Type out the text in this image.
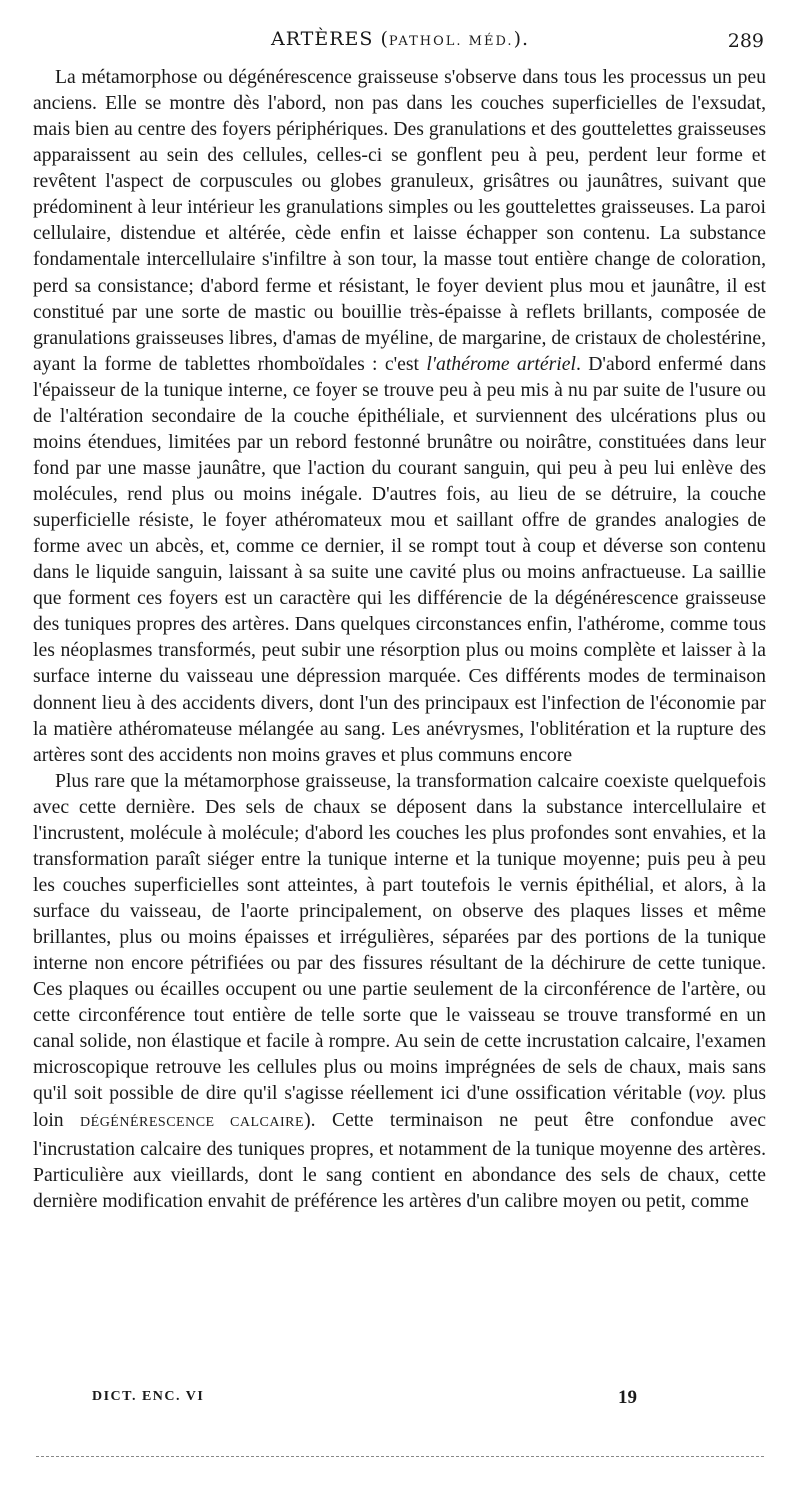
ARTÈRES (PATHOL. MÉD.).	289

La métamorphose ou dégénérescence graisseuse s'observe dans tous les processus un peu anciens. Elle se montre dès l'abord, non pas dans les couches superficielles de l'exsudat, mais bien au centre des foyers périphériques. Des granulations et des gouttelettes graisseuses apparaissent au sein des cellules, celles-ci se gonflent peu à peu, perdent leur forme et revêtent l'aspect de corpuscules ou globes granuleux, grisâtres ou jaunâtres, suivant que prédominent à leur intérieur les granulations simples ou les gouttelettes graisseuses. La paroi cellulaire, distendue et altérée, cède enfin et laisse échapper son contenu. La substance fondamentale intercellulaire s'infiltre à son tour, la masse tout entière change de coloration, perd sa consistance; d'abord ferme et résistant, le foyer devient plus mou et jaunâtre, il est constitué par une sorte de mastic ou bouillie très-épaisse à reflets brillants, composée de granulations graisseuses libres, d'amas de myéline, de margarine, de cristaux de cholestérine, ayant la forme de tablettes rhomboïdales : c'est l'athérome artériel. D'abord enfermé dans l'épaisseur de la tunique interne, ce foyer se trouve peu à peu mis à nu par suite de l'usure ou de l'altération secondaire de la couche épithéliale, et surviennent des ulcérations plus ou moins étendues, limitées par un rebord festonné brunâtre ou noirâtre, constituées dans leur fond par une masse jaunâtre, que l'action du courant sanguin, qui peu à peu lui enlève des molécules, rend plus ou moins inégale. D'autres fois, au lieu de se détruire, la couche superficielle résiste, le foyer athéromateux mou et saillant offre de grandes analogies de forme avec un abcès, et, comme ce dernier, il se rompt tout à coup et déverse son contenu dans le liquide sanguin, laissant à sa suite une cavité plus ou moins anfractueuse. La saillie que forment ces foyers est un caractère qui les différencie de la dégénérescence graisseuse des tuniques propres des artères. Dans quelques circonstances enfin, l'athérome, comme tous les néoplasmes transformés, peut subir une résorption plus ou moins complète et laisser à la surface interne du vaisseau une dépression marquée. Ces différents modes de terminaison donnent lieu à des accidents divers, dont l'un des principaux est l'infection de l'économie par la matière athéromateuse mélangée au sang. Les anévrysmes, l'oblitération et la rupture des artères sont des accidents non moins graves et plus communs encore

Plus rare que la métamorphose graisseuse, la transformation calcaire coexiste quelquefois avec cette dernière. Des sels de chaux se déposent dans la substance intercellulaire et l'incrustent, molécule à molécule; d'abord les couches les plus profondes sont envahies, et la transformation paraît siéger entre la tunique interne et la tunique moyenne; puis peu à peu les couches superficielles sont atteintes, à part toutefois le vernis épithélial, et alors, à la surface du vaisseau, de l'aorte principalement, on observe des plaques lisses et même brillantes, plus ou moins épaisses et irrégulières, séparées par des portions de la tunique interne non encore pétrifiées ou par des fissures résultant de la déchirure de cette tunique. Ces plaques ou écailles occupent ou une partie seulement de la circonférence de l'artère, ou cette circonférence tout entière de telle sorte que le vaisseau se trouve transformé en un canal solide, non élastique et facile à rompre. Au sein de cette incrustation calcaire, l'examen microscopique retrouve les cellules plus ou moins imprégnées de sels de chaux, mais sans qu'il soit possible de dire qu'il s'agisse réellement ici d'une ossification véritable (voy. plus loin DÉGÉNÉRESCENCE CALCAIRE). Cette terminaison ne peut être confondue avec l'incrustation calcaire des tuniques propres, et notamment de la tunique moyenne des artères. Particulière aux vieillards, dont le sang contient en abondance des sels de chaux, cette dernière modification envahit de préférence les artères d'un calibre moyen ou petit, comme

DICT. ENC. VI	19
